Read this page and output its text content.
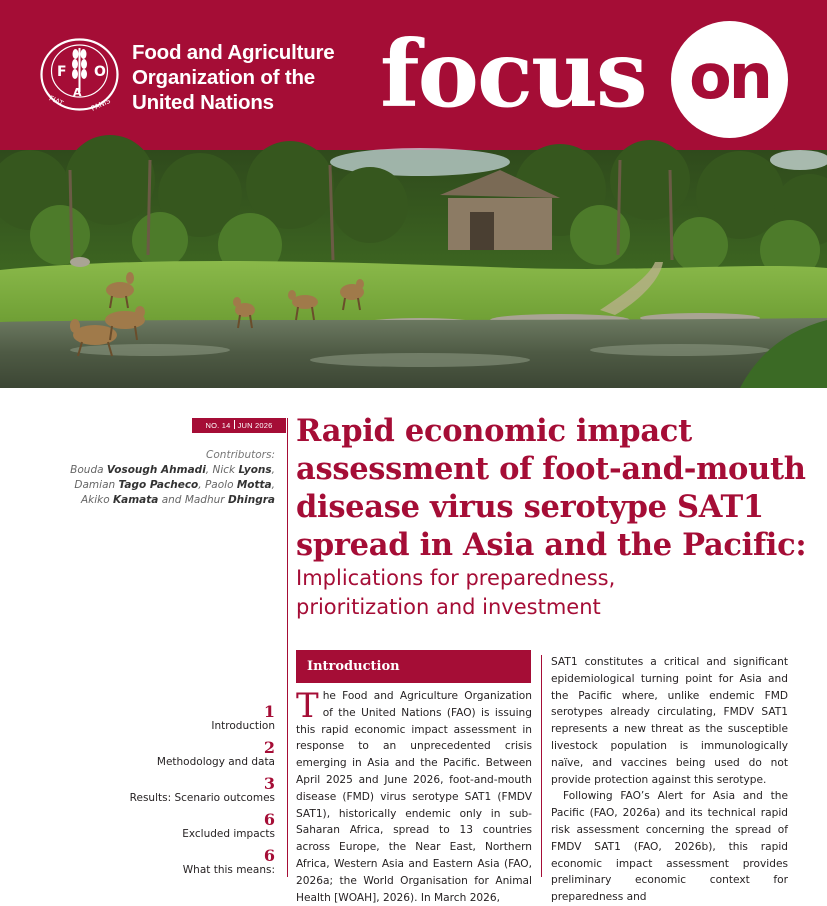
F O
A
FIAT	PANIS
Food and Agriculture
Organization of the
United Nations	focus on
NO. 14 JUN 2026
Contributors:
Bouda Vosough Ahmadi, Nick Lyons,
Damian Tago Pacheco, Paolo Motta,
Akiko Kamata and Madhur Dhingra
1
Introduction
2
Methodology and data
3
Results: Scenario outcomes
6
Excluded impacts
6
What this means:
Rapid economic impact
assessment of foot-and-mouth
disease virus serotype SAT1
spread in Asia and the Pacific:
Implications for preparedness,
prioritization and investment
Introduction

The Food and Agriculture Organization of the United Nations (FAO) is issuing this rapid economic impact assessment in response to an unprecedented crisis emerging in Asia and the Pacific. Between April 2025 and June 2026, foot-and-mouth disease (FMD) virus serotype SAT1 (FMDV SAT1), historically endemic only in sub-Saharan Africa, spread to 13 countries across Europe, the Near East, Northern Africa, Western Asia and Eastern Asia (FAO, 2026a; the World Organisation for Animal Health [WOAH], 2026). In March 2026,

SAT1 constitutes a critical and significant epidemiological turning point for Asia and the Pacific where, unlike endemic FMD serotypes already circulating, FMDV SAT1 represents a new threat as the susceptible livestock population is immunologically naïve, and vaccines being used do not provide protection against this serotype.

Following FAO’s Alert for Asia and the Pacific (FAO, 2026a) and its technical rapid risk assessment concerning the spread of FMDV SAT1 (FAO, 2026b), this rapid economic impact assessment provides preliminary economic context for preparedness and
